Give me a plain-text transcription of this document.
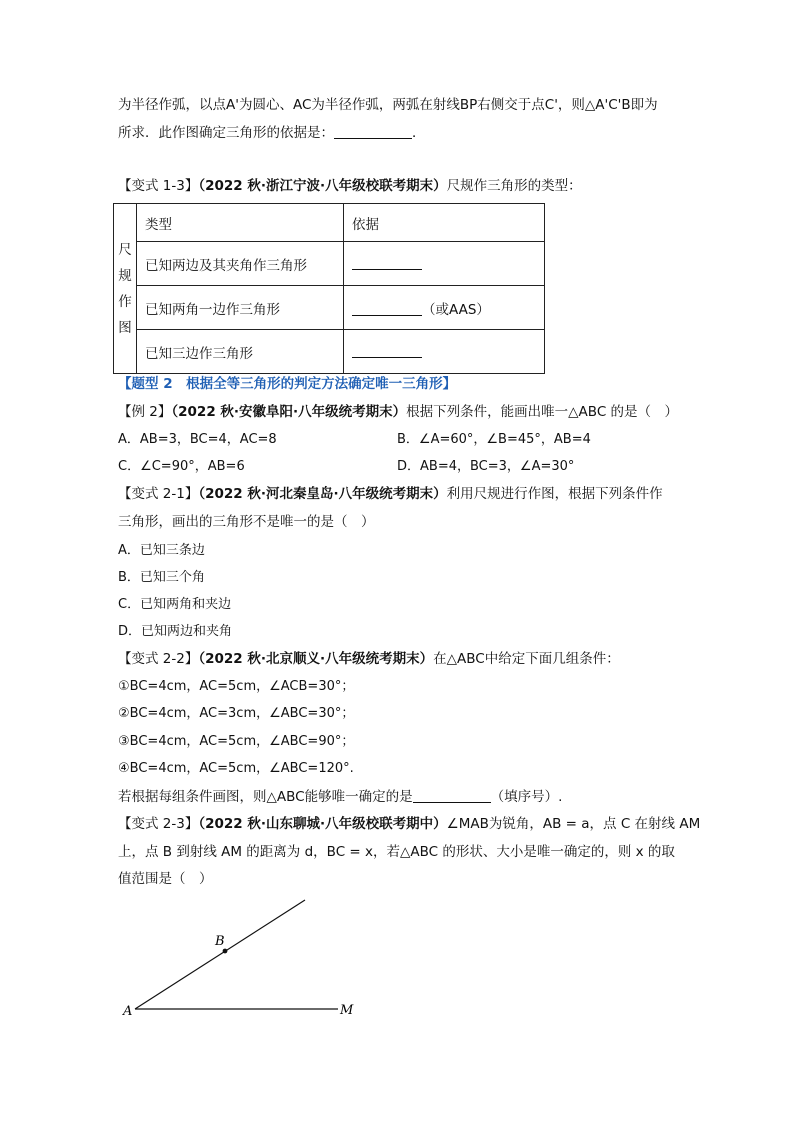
为半径作弧，以点A'为圆心、AC为半径作弧，两弧在射线BP右侧交于点C'，则△A'C'B即为
所求．此作图确定三角形的依据是：	．
【变式 1-3】（2022 秋·浙江宁波·八年级校联考期末）尺规作三角形的类型：
尺规作图	类型	依据
	已知两边及其夹角作三角形	
	已知两角一边作三角形	（或AAS）
	已知三边作三角形	
【题型 2　根据全等三角形的判定方法确定唯一三角形】
【例 2】（2022 秋·安徽阜阳·八年级统考期末）根据下列条件，能画出唯一△ABC 的是（　）
A．AB=3，BC=4，AC=8	B．∠A=60°，∠B=45°，AB=4
C．∠C=90°，AB=6	D．AB=4，BC=3，∠A=30°
【变式 2-1】（2022 秋·河北秦皇岛·八年级统考期末）利用尺规进行作图，根据下列条件作
三角形，画出的三角形不是唯一的是（　）
A．已知三条边
B．已知三个角
C．已知两角和夹边
D．已知两边和夹角
【变式 2-2】（2022 秋·北京顺义·八年级统考期末）在△ABC中给定下面几组条件：
①BC=4cm，AC=5cm，∠ACB=30°；
②BC=4cm，AC=3cm，∠ABC=30°；
③BC=4cm，AC=5cm，∠ABC=90°；
④BC=4cm，AC=5cm，∠ABC=120°.
若根据每组条件画图，则△ABC能够唯一确定的是	（填序号）.
【变式 2-3】（2022 秋·山东聊城·八年级校联考期中）∠MAB为锐角，AB = a，点 C 在射线 AM
上，点 B 到射线 AM 的距离为 d，BC = x，若△ABC 的形状、大小是唯一确定的，则 x 的取
值范围是（　）
A
B
M
